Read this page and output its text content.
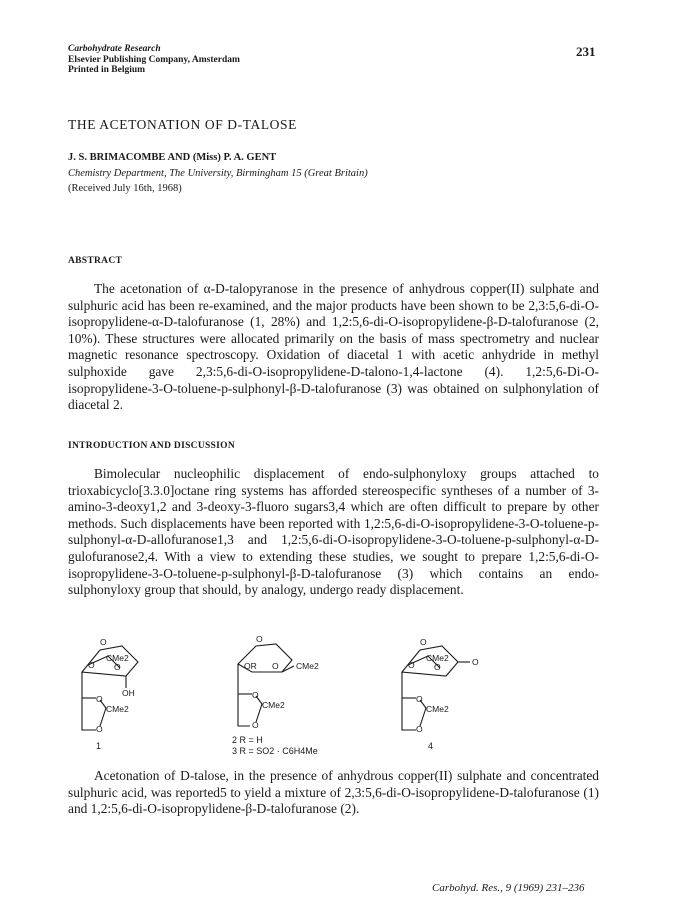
Carbohydrate Research
Elsevier Publishing Company, Amsterdam
Printed in Belgium
231
THE ACETONATION OF D-TALOSE
J. S. BRIMACOMBE AND (Miss) P. A. GENT
Chemistry Department, The University, Birmingham 15 (Great Britain)
(Received July 16th, 1968)
ABSTRACT

The acetonation of α-D-talopyranose in the presence of anhydrous copper(II) sulphate and sulphuric acid has been re-examined, and the major products have been shown to be 2,3:5,6-di-O-isopropylidene-α-D-talofuranose (1, 28%) and 1,2:5,6-di-O-isopropylidene-β-D-talofuranose (2, 10%). These structures were allocated primarily on the basis of mass spectrometry and nuclear magnetic resonance spectroscopy. Oxidation of diacetal 1 with acetic anhydride in methyl sulphoxide gave 2,3:5,6-di-O-isopropylidene-D-talono-1,4-lactone (4). 1,2:5,6-Di-O-isopropylidene-3-O-toluene-p-sulphonyl-β-D-talofuranose (3) was obtained on sulphonylation of diacetal 2.

INTRODUCTION AND DISCUSSION

Bimolecular nucleophilic displacement of endo-sulphonyloxy groups attached to trioxabicyclo[3.3.0]octane ring systems has afforded stereospecific syntheses of a number of 3-amino-3-deoxy1,2 and 3-deoxy-3-fluoro sugars3,4 which are often difficult to prepare by other methods. Such displacements have been reported with 1,2:5,6-di-O-isopropylidene-3-O-toluene-p-sulphonyl-α-D-allofuranose1,3 and 1,2:5,6-di-O-isopropylidene-3-O-toluene-p-sulphonyl-α-D-gulofuranose2,4. With a view to extending these studies, we sought to prepare 1,2:5,6-di-O-isopropylidene-3-O-toluene-p-sulphonyl-β-D-talofuranose (3) which contains an endo-sulphonyloxy group that should, by analogy, undergo ready displacement.

O
CMe2
O O
OH
O
CMe2
O
O
OR O CMe2
O
CMe2
O
O
CMe2
O O	O
O
CMe2
O
1
2 R = H
3 R = SO2 · C6H4Me	4

Acetonation of D-talose, in the presence of anhydrous copper(II) sulphate and concentrated sulphuric acid, was reported5 to yield a mixture of 2,3:5,6-di-O-isopropylidene-D-talofuranose (1) and 1,2:5,6-di-O-isopropylidene-β-D-talofuranose (2).

Carbohyd. Res., 9 (1969) 231–236
